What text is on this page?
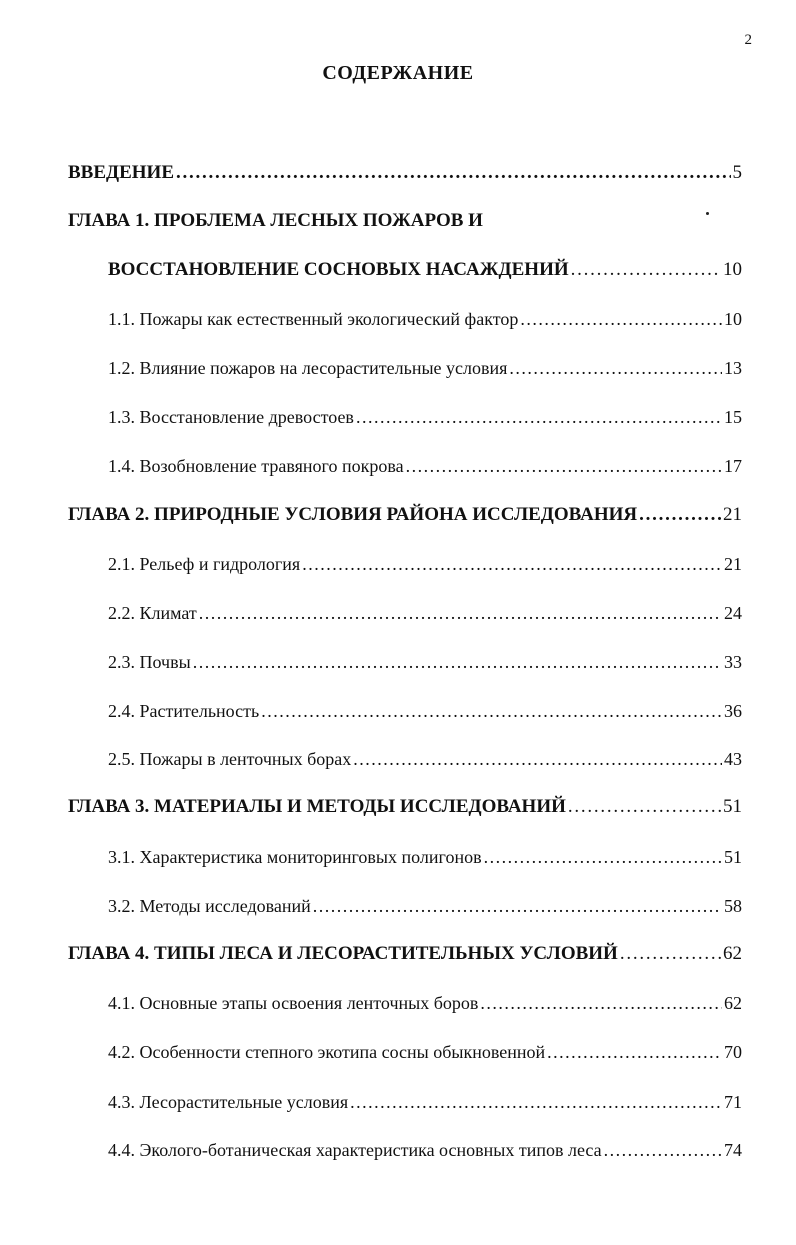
2
СОДЕРЖАНИЕ
ВВЕДЕНИЕ . . .	5
ГЛАВА 1. ПРОБЛЕМА ЛЕСНЫХ ПОЖАРОВ И
ВОССТАНОВЛЕНИЕ СОСНОВЫХ НАСАЖДЕНИЙ . . .	10
1.1. Пожары как естественный экологический фактор . . .	10
1.2. Влияние пожаров на лесорастительные условия . . .	13
1.3. Восстановление древостоев . . .	15
1.4. Возобновление травяного покрова . . .	17
ГЛАВА 2. ПРИРОДНЫЕ УСЛОВИЯ РАЙОНА ИССЛЕДОВАНИЯ . . .	21
2.1. Рельеф и гидрология . . .	21
2.2. Климат . . .	24
2.3. Почвы . . .	33
2.4. Растительность . . .	36
2.5. Пожары в ленточных борах . . .	43
ГЛАВА 3. МАТЕРИАЛЫ И МЕТОДЫ ИССЛЕДОВАНИЙ . . .	51
3.1. Характеристика мониторинговых полигонов . . .	51
3.2. Методы исследований . . .	58
ГЛАВА 4. ТИПЫ ЛЕСА И ЛЕСОРАСТИТЕЛЬНЫХ УСЛОВИЙ . . .	62
4.1. Основные этапы освоения ленточных боров . . .	62
4.2. Особенности степного экотипа сосны обыкновенной . . .	70
4.3. Лесорастительные условия . . .	71
4.4. Эколого-ботаническая характеристика основных типов леса . . .	74
